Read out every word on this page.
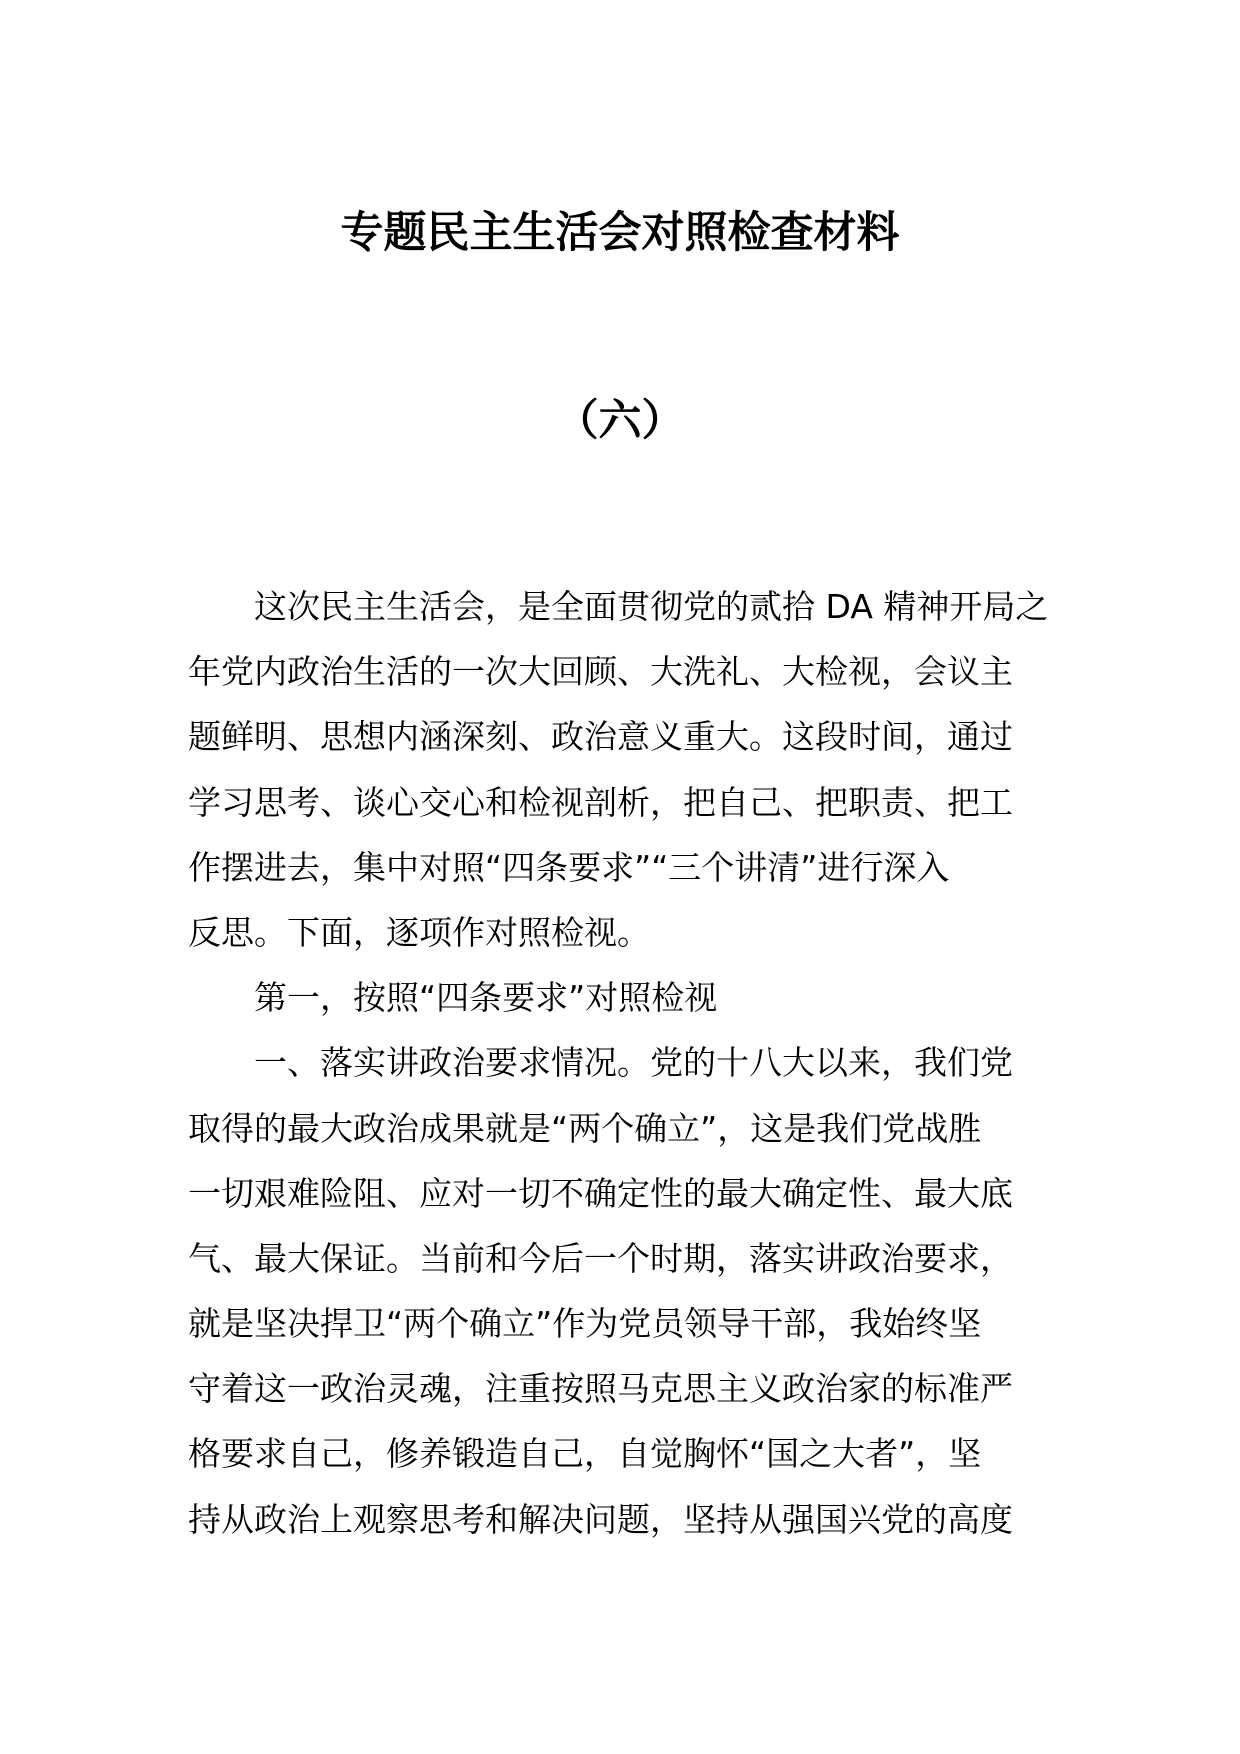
专题民主生活会对照检查材料
（六）

这次民主生活会，是全面贯彻党的贰拾 DA 精神开局之

年党内政治生活的一次大回顾、大洗礼、大检视，会议主

题鲜明、思想内涵深刻、政治意义重大。这段时间，通过

学习思考、谈心交心和检视剖析，把自己、把职责、把工

作摆进去，集中对照“四条要求”“三个讲清”进行深入

反思。下面，逐项作对照检视。

第一，按照“四条要求”对照检视

一、落实讲政治要求情况。党的十八大以来，我们党

取得的最大政治成果就是“两个确立”，这是我们党战胜

一切艰难险阻、应对一切不确定性的最大确定性、最大底

气、最大保证。当前和今后一个时期，落实讲政治要求，

就是坚决捍卫“两个确立”作为党员领导干部，我始终坚

守着这一政治灵魂，注重按照马克思主义政治家的标准严

格要求自己，修养锻造自己，自觉胸怀“国之大者”，坚

持从政治上观察思考和解决问题，坚持从强国兴党的高度
